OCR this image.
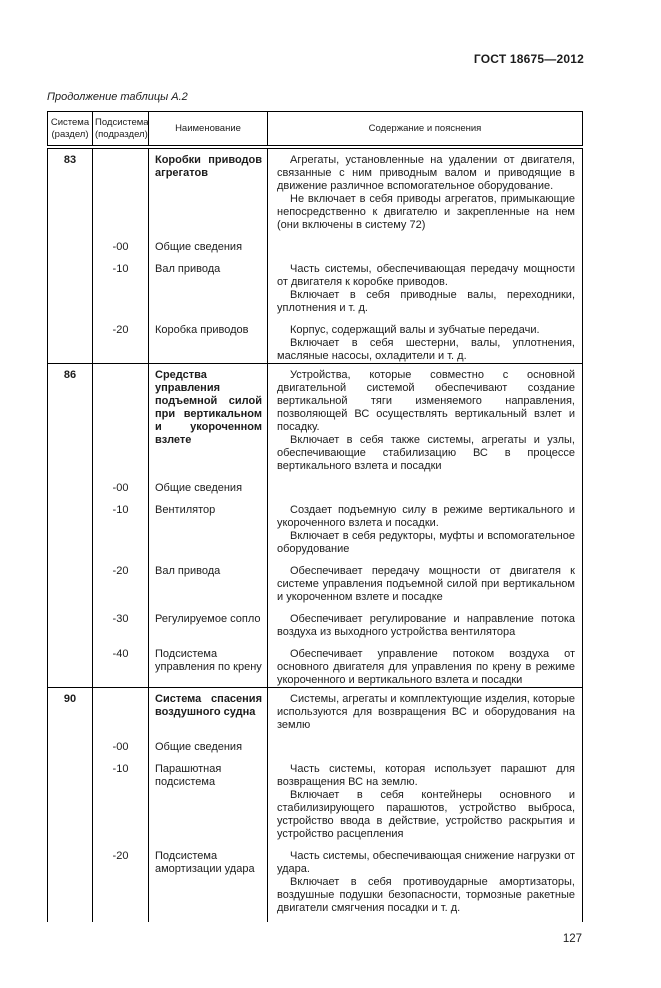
ГОСТ 18675—2012
Продолжение таблицы А.2
Система (раздел)	Подсистема (подраздел)	Наименование	Содержание и пояснения
83		Коробки приводов агрегатов	Агрегаты, установленные на удалении от двигателя, связанные с ним приводным валом и приводящие в движение различное вспомогательное оборудование.

Не включает в себя приводы агрегатов, примыкающие непосредственно к двигателю и закрепленные на нем (они включены в систему 72)

	-00	Общие сведения	
	-10	Вал привода	Часть системы, обеспечивающая передачу мощности от двигателя к коробке приводов.

Включает в себя приводные валы, переходники, уплотнения и т. д.

	-20	Коробка приводов	Корпус, содержащий валы и зубчатые передачи.

Включает в себя шестерни, валы, уплотнения, масляные насосы, охладители и т. д.

86		Средства управления подъемной силой при вертикальном и укороченном взлете	Устройства, которые совместно с основной двигательной системой обеспечивают создание вертикальной тяги изменяемого направления, позволяющей ВС осуществлять вертикальный взлет и посадку.

Включает в себя также системы, агрегаты и узлы, обеспечивающие стабилизацию ВС в процессе вертикального взлета и посадки

	-00	Общие сведения	
	-10	Вентилятор	Создает подъемную силу в режиме вертикального и укороченного взлета и посадки.

Включает в себя редукторы, муфты и вспомогательное оборудование

	-20	Вал привода	Обеспечивает передачу мощности от двигателя к системе управления подъемной силой при вертикальном и укороченном взлете и посадке

	-30	Регулируемое сопло	Обеспечивает регулирование и направление потока воздуха из выходного устройства вентилятора

	-40	Подсистема управления по крену	Обеспечивает управление потоком воздуха от основного двигателя для управления по крену в режиме укороченного и вертикального взлета и посадки

90		Система спасения воздушного судна	Системы, агрегаты и комплектующие изделия, которые используются для возвращения ВС и оборудования на землю

	-00	Общие сведения	
	-10	Парашютная подсистема	Часть системы, которая использует парашют для возвращения ВС на землю.

Включает в себя контейнеры основного и стабилизирующего парашютов, устройство выброса, устройство ввода в действие, устройство раскрытия и устройство расцепления

	-20	Подсистема амортизации удара	Часть системы, обеспечивающая снижение нагрузки от удара.

Включает в себя противоударные амортизаторы, воздушные подушки безопасности, тормозные ракетные двигатели смягчения посадки и т. д.

127
